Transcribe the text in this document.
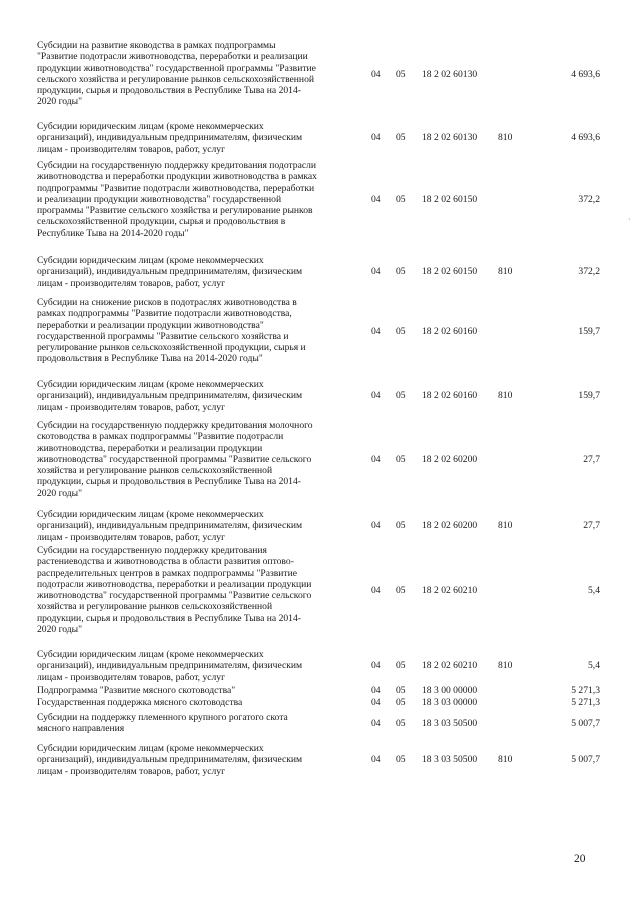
Субсидии на развитие яководства в рамках подпрограммы
"Развитие подотрасли животноводства, переработки и реализации
продукции животноводства" государственной программы "Развитие
сельского хозяйства и регулирование рынков сельскохозяйственной
продукции, сырья и продовольствия в Республике Тыва на 2014-
2020 годы"
04 05 18 2 02 60130	4 693,6
Субсидии юридическим лицам (кроме некоммерческих
организаций), индивидуальным предпринимателям, физическим
лицам - производителям товаров, работ, услуг
04 05 18 2 02 60130 810	4 693,6
Субсидии на государственную поддержку кредитования подотрасли
животноводства и переработки продукции животноводства в рамках
подпрограммы "Развитие подотрасли животноводства, переработки
и реализации продукции животноводства" государственной
программы "Развитие сельского хозяйства и регулирование рынков
сельскохозяйственной продукции, сырья и продовольствия в
Республике Тыва на 2014-2020 годы"
04 05 18 2 02 60150	372,2
Субсидии юридическим лицам (кроме некоммерческих
организаций), индивидуальным предпринимателям, физическим
лицам - производителям товаров, работ, услуг
04 05 18 2 02 60150 810	372,2
Субсидии на снижение рисков в подотраслях животноводства в
рамках подпрограммы "Развитие подотрасли животноводства,
переработки и реализации продукции животноводства"
государственной программы "Развитие сельского хозяйства и
регулирование рынков сельскохозяйственной продукции, сырья и
продовольствия в Республике Тыва на 2014-2020 годы"
04 05 18 2 02 60160	159,7
Субсидии юридическим лицам (кроме некоммерческих
организаций), индивидуальным предпринимателям, физическим
лицам - производителям товаров, работ, услуг
04 05 18 2 02 60160 810	159,7
Субсидии на государственную поддержку кредитования молочного
скотоводства в рамках подпрограммы "Развитие подотрасли
животноводства, переработки и реализации продукции
животноводства" государственной программы "Развитие сельского
хозяйства и регулирование рынков сельскохозяйственной
продукции, сырья и продовольствия в Республике Тыва на 2014-
2020 годы"
04 05 18 2 02 60200	27,7
Субсидии юридическим лицам (кроме некоммерческих
организаций), индивидуальным предпринимателям, физическим
лицам - производителям товаров, работ, услуг
04 05 18 2 02 60200 810	27,7
Субсидии на государственную поддержку кредитования
растениеводства и животноводства в области развития оптово-
распределительных центров в рамках подпрограммы "Развитие
подотрасли животноводства, переработки и реализации продукции
животноводства" государственной программы "Развитие сельского
хозяйства и регулирование рынков сельскохозяйственной
продукции, сырья и продовольствия в Республике Тыва на 2014-
2020 годы"
04 05 18 2 02 60210	5,4
Субсидии юридическим лицам (кроме некоммерческих
организаций), индивидуальным предпринимателям, физическим
лицам - производителям товаров, работ, услуг
04 05 18 2 02 60210 810	5,4
Подпрограмма "Развитие мясного скотоводства"	04 05 18 3 00 00000	5 271,3
Государственная поддержка мясного скотоводства	04 05 18 3 03 00000	5 271,3
Субсидии на поддержку племенного крупного рогатого скота
мясного направления
04 05 18 3 03 50500	5 007,7
Субсидии юридическим лицам (кроме некоммерческих
организаций), индивидуальным предпринимателям, физическим
лицам - производителям товаров, работ, услуг
04 05 18 3 03 50500 810	5 007,7
·
20
